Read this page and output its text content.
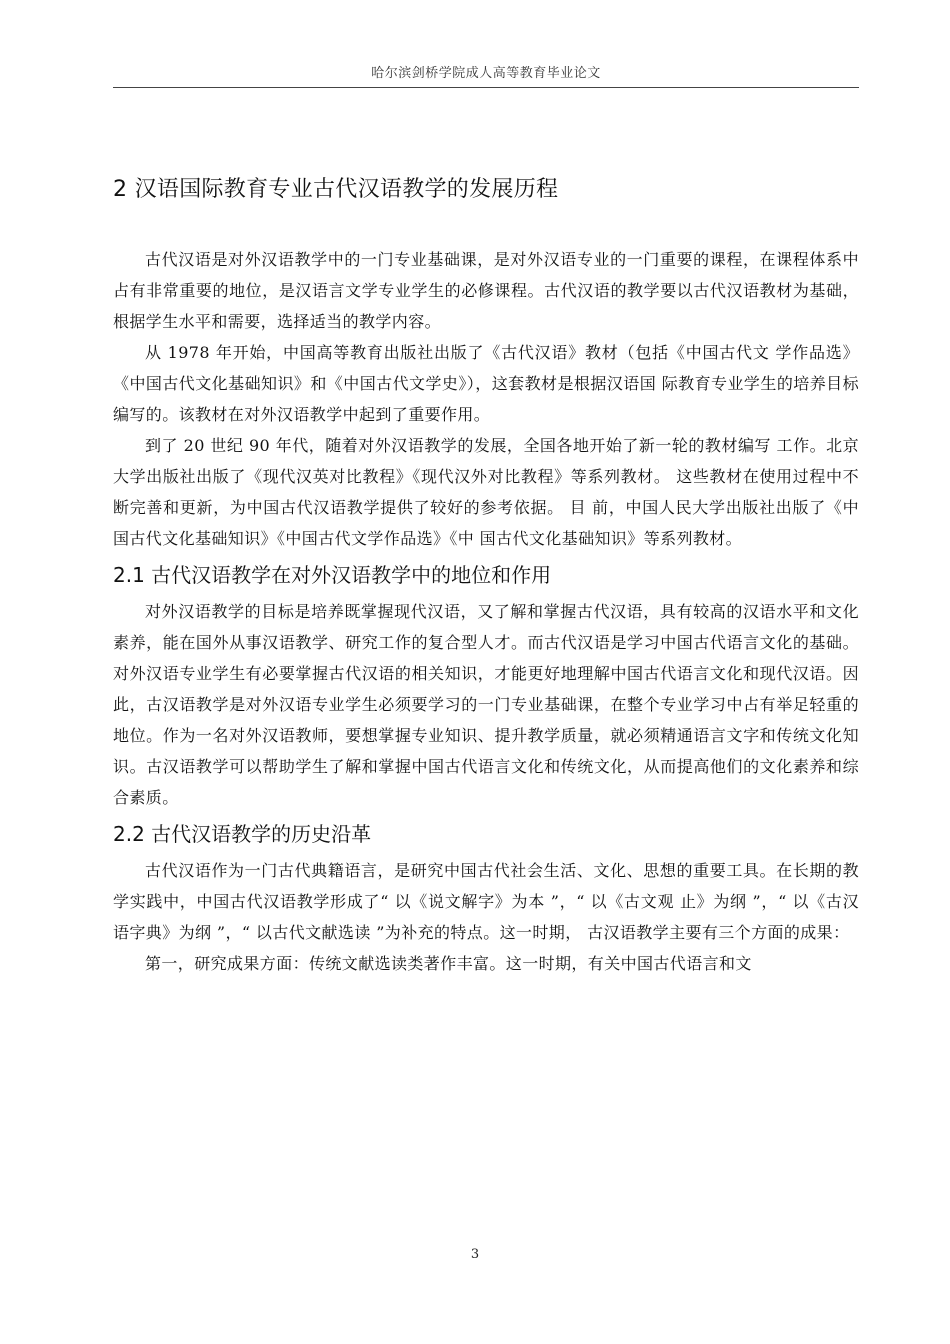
哈尔滨剑桥学院成人高等教育毕业论文
2 汉语国际教育专业古代汉语教学的发展历程

古代汉语是对外汉语教学中的一门专业基础课，是对外汉语专业的一门重要的课程，在课程体系中占有非常重要的地位，是汉语言文学专业学生的必修课程。古代汉语的教学要以古代汉语教材为基础，根据学生水平和需要，选择适当的教学内容。

从 1978 年开始，中国高等教育出版社出版了《古代汉语》教材（包括《中国古代文 学作品选》《中国古代文化基础知识》和《中国古代文学史》），这套教材是根据汉语国 际教育专业学生的培养目标编写的。该教材在对外汉语教学中起到了重要作用。

到了 20 世纪 90 年代，随着对外汉语教学的发展，全国各地开始了新一轮的教材编写 工作。北京大学出版社出版了《现代汉英对比教程》《现代汉外对比教程》等系列教材。 这些教材在使用过程中不断完善和更新，为中国古代汉语教学提供了较好的参考依据。 目 前，中国人民大学出版社出版了《中国古代文化基础知识》《中国古代文学作品选》《中 国古代文化基础知识》等系列教材。

2.1 古代汉语教学在对外汉语教学中的地位和作用

对外汉语教学的目标是培养既掌握现代汉语，又了解和掌握古代汉语，具有较高的汉语水平和文化素养，能在国外从事汉语教学、研究工作的复合型人才。而古代汉语是学习中国古代语言文化的基础。对外汉语专业学生有必要掌握古代汉语的相关知识，才能更好地理解中国古代语言文化和现代汉语。因此，古汉语教学是对外汉语专业学生必须要学习的一门专业基础课，在整个专业学习中占有举足轻重的地位。作为一名对外汉语教师，要想掌握专业知识、提升教学质量，就必须精通语言文字和传统文化知识。古汉语教学可以帮助学生了解和掌握中国古代语言文化和传统文化，从而提高他们的文化素养和综合素质。

2.2 古代汉语教学的历史沿革

古代汉语作为一门古代典籍语言，是研究中国古代社会生活、文化、思想的重要工具。在长期的教学实践中，中国古代汉语教学形成了“ 以《说文解字》为本 ”，“ 以《古文观 止》为纲 ”，“ 以《古汉语字典》为纲 ”，“ 以古代文献选读 ”为补充的特点。这一时期， 古汉语教学主要有三个方面的成果：

第一，研究成果方面：传统文献选读类著作丰富。这一时期，有关中国古代语言和文

3
